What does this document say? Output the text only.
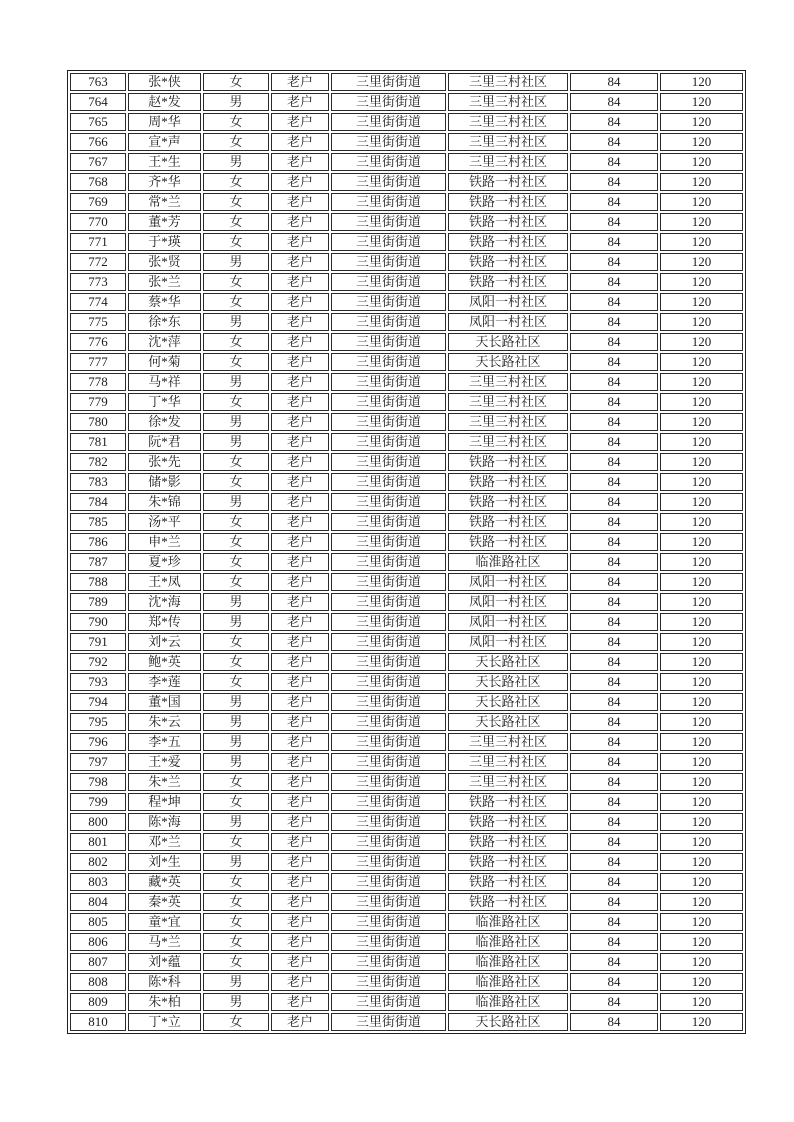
763	张*侠	女	老户	三里街街道	三里三村社区	84	120
764	赵*发	男	老户	三里街街道	三里三村社区	84	120
765	周*华	女	老户	三里街街道	三里三村社区	84	120
766	宣*声	女	老户	三里街街道	三里三村社区	84	120
767	王*生	男	老户	三里街街道	三里三村社区	84	120
768	齐*华	女	老户	三里街街道	铁路一村社区	84	120
769	常*兰	女	老户	三里街街道	铁路一村社区	84	120
770	董*芳	女	老户	三里街街道	铁路一村社区	84	120
771	于*瑛	女	老户	三里街街道	铁路一村社区	84	120
772	张*贤	男	老户	三里街街道	铁路一村社区	84	120
773	张*兰	女	老户	三里街街道	铁路一村社区	84	120
774	蔡*华	女	老户	三里街街道	凤阳一村社区	84	120
775	徐*东	男	老户	三里街街道	凤阳一村社区	84	120
776	沈*萍	女	老户	三里街街道	天长路社区	84	120
777	何*菊	女	老户	三里街街道	天长路社区	84	120
778	马*祥	男	老户	三里街街道	三里三村社区	84	120
779	丁*华	女	老户	三里街街道	三里三村社区	84	120
780	徐*发	男	老户	三里街街道	三里三村社区	84	120
781	阮*君	男	老户	三里街街道	三里三村社区	84	120
782	张*先	女	老户	三里街街道	铁路一村社区	84	120
783	储*影	女	老户	三里街街道	铁路一村社区	84	120
784	朱*锦	男	老户	三里街街道	铁路一村社区	84	120
785	汤*平	女	老户	三里街街道	铁路一村社区	84	120
786	申*兰	女	老户	三里街街道	铁路一村社区	84	120
787	夏*珍	女	老户	三里街街道	临淮路社区	84	120
788	王*凤	女	老户	三里街街道	凤阳一村社区	84	120
789	沈*海	男	老户	三里街街道	凤阳一村社区	84	120
790	郑*传	男	老户	三里街街道	凤阳一村社区	84	120
791	刘*云	女	老户	三里街街道	凤阳一村社区	84	120
792	鲍*英	女	老户	三里街街道	天长路社区	84	120
793	李*莲	女	老户	三里街街道	天长路社区	84	120
794	董*国	男	老户	三里街街道	天长路社区	84	120
795	朱*云	男	老户	三里街街道	天长路社区	84	120
796	李*五	男	老户	三里街街道	三里三村社区	84	120
797	王*爱	男	老户	三里街街道	三里三村社区	84	120
798	朱*兰	女	老户	三里街街道	三里三村社区	84	120
799	程*坤	女	老户	三里街街道	铁路一村社区	84	120
800	陈*海	男	老户	三里街街道	铁路一村社区	84	120
801	邓*兰	女	老户	三里街街道	铁路一村社区	84	120
802	刘*生	男	老户	三里街街道	铁路一村社区	84	120
803	藏*英	女	老户	三里街街道	铁路一村社区	84	120
804	秦*英	女	老户	三里街街道	铁路一村社区	84	120
805	童*宜	女	老户	三里街街道	临淮路社区	84	120
806	马*兰	女	老户	三里街街道	临淮路社区	84	120
807	刘*蕴	女	老户	三里街街道	临淮路社区	84	120
808	陈*科	男	老户	三里街街道	临淮路社区	84	120
809	朱*柏	男	老户	三里街街道	临淮路社区	84	120
810	丁*立	女	老户	三里街街道	天长路社区	84	120
